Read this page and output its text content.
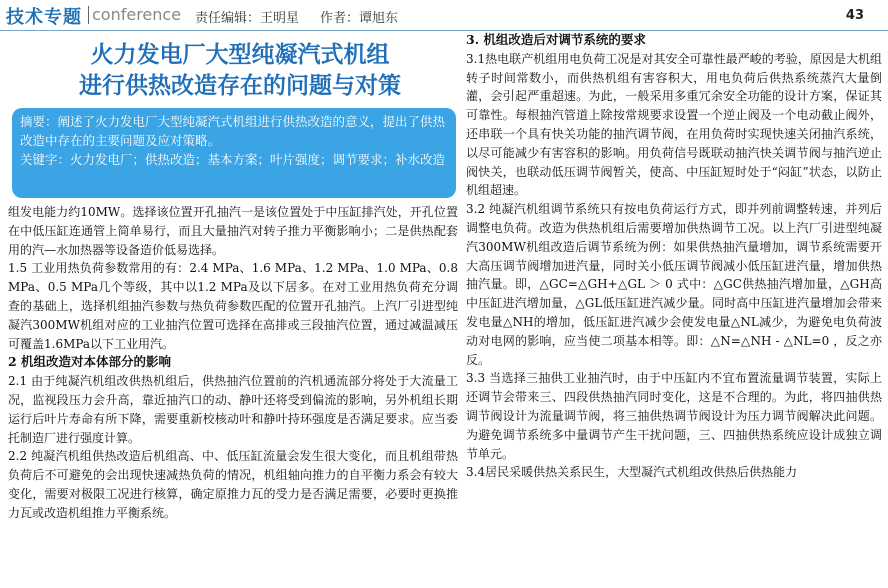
技术专题 conference 责任编辑：王明星 作者：谭旭东	43
火力发电厂大型纯凝汽式机组
进行供热改造存在的问题与对策

摘要：阐述了火力发电厂大型纯凝汽式机组进行供热改造的意义，提出了供热改造中存在的主要问题及应对策略。

关键字：火力发电厂；供热改造；基本方案；叶片强度；调节要求；补水改造

组发电能力约10MW。选择该位置开孔抽汽一是该位置处于中压缸排汽处，开孔位置在中低压缸连通管上简单易行，而且大量抽汽对转子推力平衡影响小；二是供热配套用的汽—水加热器等设备造价低易选择。

1.5 工业用热负荷参数常用的有：2.4 MPa、1.6 MPa、1.2 MPa、1.0 MPa、0.8 MPa、0.5 MPa几个等级，其中以1.2 MPa及以下居多。在对工业用热负荷充分调查的基础上，选择机组抽汽参数与热负荷参数匹配的位置开孔抽汽。上汽厂引进型纯凝汽300MW机组对应的工业抽汽位置可选择在高排或三段抽汽位置，通过减温减压可覆盖1.6MPa以下工业用汽。

2 机组改造对本体部分的影响

2.1 由于纯凝汽机组改供热机组后，供热抽汽位置前的汽机通流部分将处于大流量工况，监视段压力会升高，靠近抽汽口的动、静叶还将受到偏流的影响，另外机组长期运行后叶片寿命有所下降，需要重新校核动叶和静叶持环强度是否满足要求。应当委托制造厂进行强度计算。

2.2 纯凝汽机组供热改造后机组高、中、低压缸流量会发生很大变化，而且机组带热负荷后不可避免的会出现快速减热负荷的情况，机组轴向推力的自平衡力系会有较大变化，需要对极限工况进行核算，确定原推力瓦的受力是否满足需要，必要时更换推力瓦或改造机组推力平衡系统。

3. 机组改造后对调节系统的要求

3.1热电联产机组用电负荷工况是对其安全可靠性最严峻的考验，原因是大机组转子时间常数小，而供热机组有害容积大，用电负荷后供热系统蒸汽大量倒灌，会引起严重超速。为此，一般采用多重冗余安全功能的设计方案，保证其可靠性。每根抽汽管道上除按常规要求设置一个逆止阀及一个电动截止阀外，还串联一个具有快关功能的抽汽调节阀，在用负荷时实现快速关闭抽汽系统，以尽可能减少有害容积的影响。用负荷信号既联动抽汽快关调节阀与抽汽逆止阀快关，也联动低压调节阀暂关，使高、中压缸短时处于“闷缸”状态，以防止机组超速。

3.2 纯凝汽机组调节系统只有按电负荷运行方式，即并列前调整转速，并列后调整电负荷。改造为供热机组后需要增加供热调节工况。以上汽厂引进型纯凝汽300MW机组改造后调节系统为例：如果供热抽汽量增加，调节系统需要开大高压调节阀增加进汽量，同时关小低压调节阀减小低压缸进汽量，增加供热抽汽量。即，△GC=△GH+△GL ＞ 0 式中：△GC供热抽汽增加量，△GH高中压缸进汽增加量，△GL低压缸进汽减少量。同时高中压缸进汽量增加会带来发电量△NH的增加，低压缸进汽减少会使发电量△NL减少，为避免电负荷波动对电网的影响，应当使二项基本相等。即：△N=△NH - △NL=0 ，反之亦反。

3.3 当选择三抽供工业抽汽时，由于中压缸内不宜布置流量调节装置，实际上还调节会带来三、四段供热抽汽同时变化，这是不合理的。为此，将四抽供热调节阀设计为流量调节阀，将三抽供热调节阀设计为压力调节阀解决此问题。为避免调节系统多中量调节产生干扰问题，三、四抽供热系统应设计成独立调节单元。

3.4居民采暖供热关系民生，大型凝汽式机组改供热后供热能力
